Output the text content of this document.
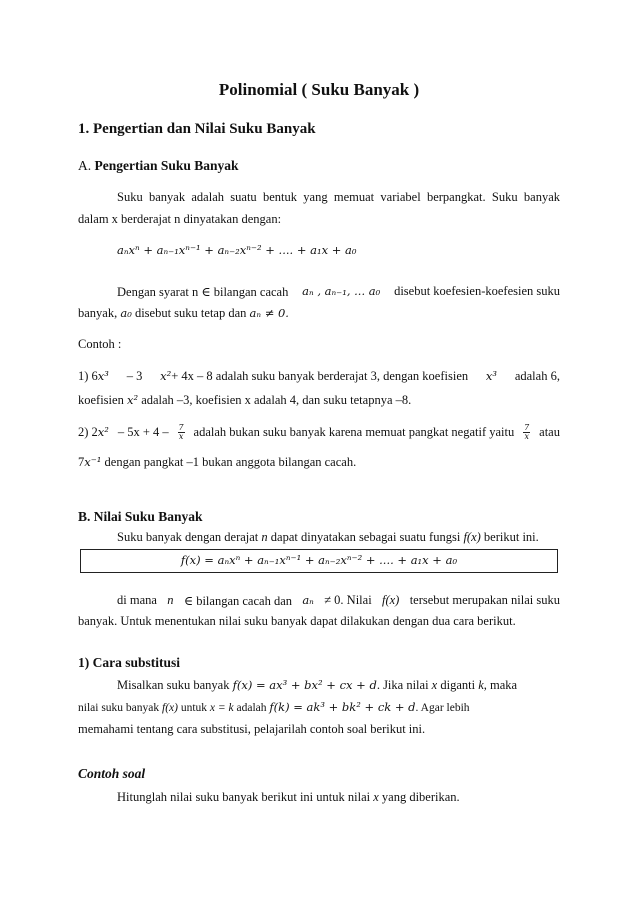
Polinomial ( Suku Banyak )
1. Pengertian dan Nilai Suku Banyak
A. Pengertian Suku Banyak
Suku banyak adalah suatu bentuk yang memuat variabel berpangkat. Suku banyak
dalam x berderajat n dinyatakan dengan:
aₙxⁿ + aₙ₋₁xⁿ⁻¹ + aₙ₋₂xⁿ⁻² + .... + a₁x + a₀
Dengan syarat n ∈ bilangan cacah aₙ , aₙ₋₁, ... a₀ disebut koefesien-koefesien suku
banyak, a₀ disebut suku tetap dan aₙ ≠ 0.
Contoh :
1) 6x³ – 3 x²+ 4x – 8 adalah suku banyak berderajat 3, dengan koefisien x³ adalah 6,
koefisien x² adalah –3, koefisien x adalah 4, dan suku tetapnya –8.
2) $2x^2 - 5x + 4 - \frac{7}{x}$ adalah bukan suku banyak karena memuat pangkat negatif yaitu $\frac{7}{x}$ atau
7x⁻¹ dengan pangkat –1 bukan anggota bilangan cacah.
B. Nilai Suku Banyak
Suku banyak dengan derajat n dapat dinyatakan sebagai suatu fungsi f(x) berikut ini.
f(x) = aₙxⁿ + aₙ₋₁xⁿ⁻¹ + aₙ₋₂xⁿ⁻² + .... + a₁x + a₀
di mana n ∈ bilangan cacah dan aₙ ≠ 0. Nilai f(x) tersebut merupakan nilai suku
banyak. Untuk menentukan nilai suku banyak dapat dilakukan dengan dua cara berikut.
1) Cara substitusi
Misalkan suku banyak f(x) = ax³ + bx² + cx + d. Jika nilai x diganti k, maka
nilai suku banyak f(x) untuk x = k adalah f(k) = ak³ + bk² + ck + d. Agar lebih
memahami tentang cara substitusi, pelajarilah contoh soal berikut ini.
Contoh soal
Hitunglah nilai suku banyak berikut ini untuk nilai x yang diberikan.
